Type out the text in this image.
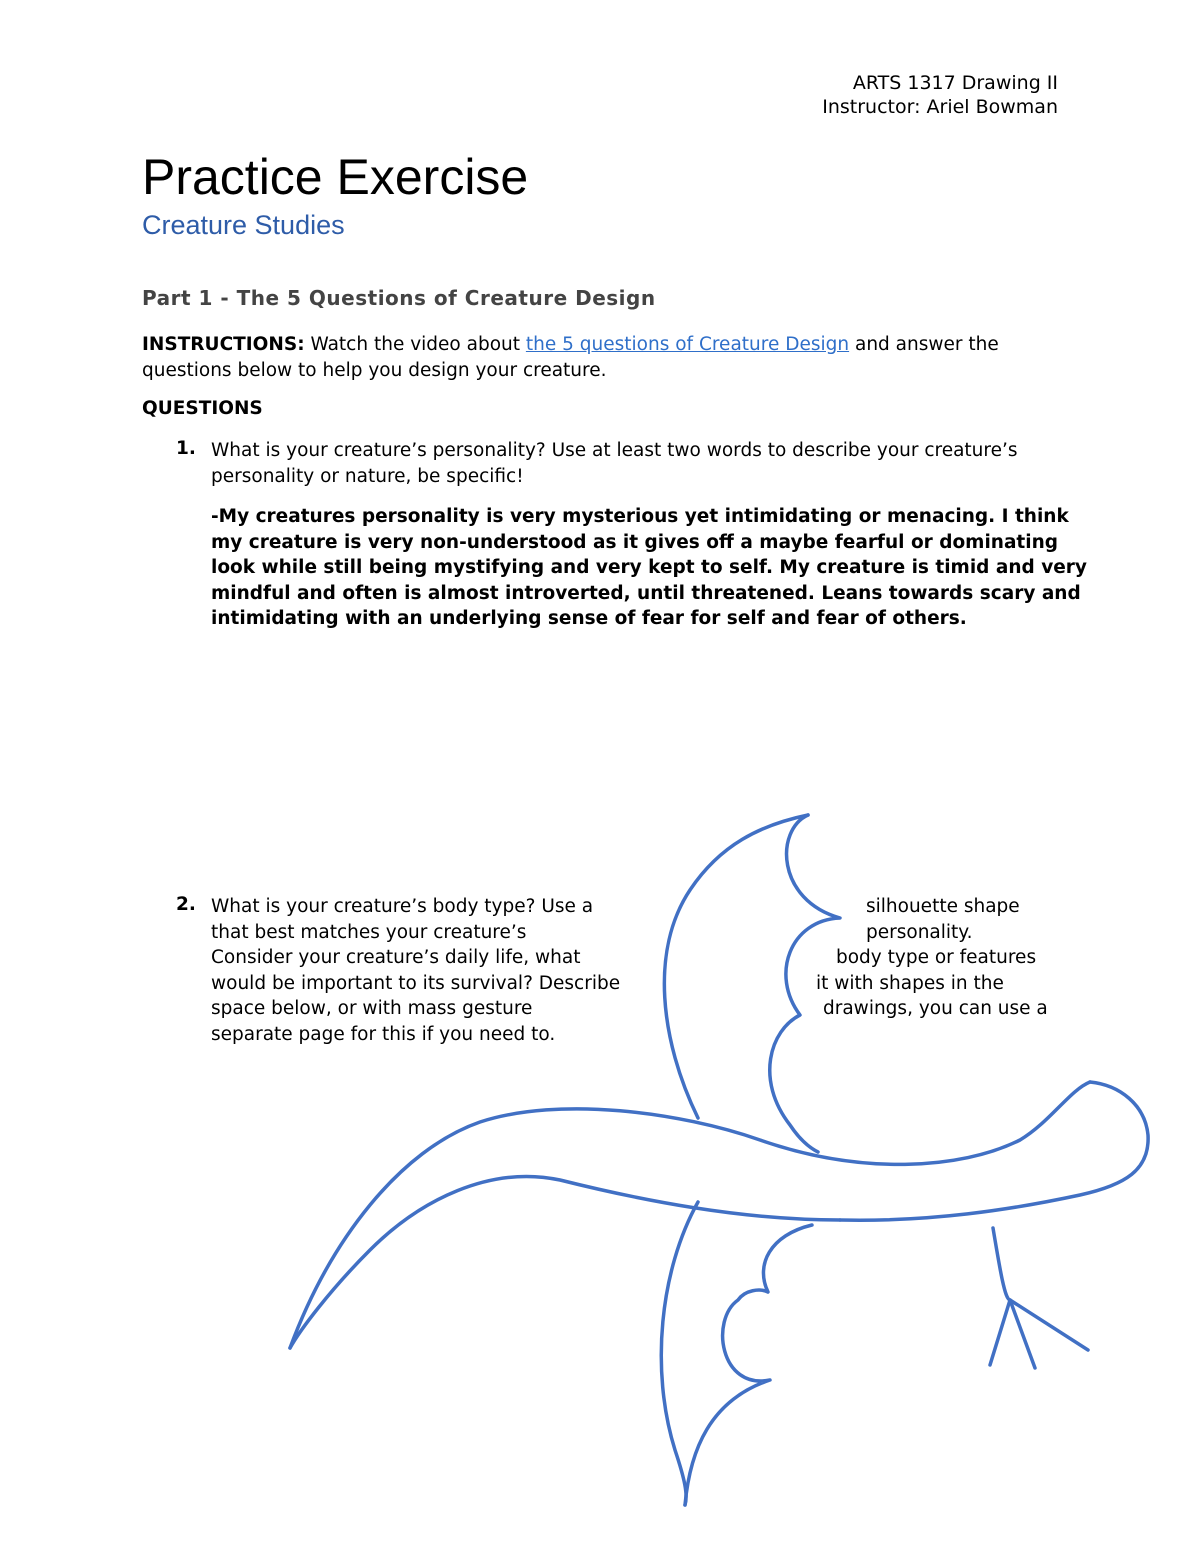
ARTS 1317 Drawing II
Instructor: Ariel Bowman
Practice Exercise
Creature Studies
Part 1 - The 5 Questions of Creature Design
INSTRUCTIONS: Watch the video about the 5 questions of Creature Design and answer the
questions below to help you design your creature.
QUESTIONS
1. What is your creature’s personality? Use at least two words to describe your creature’s
personality or nature, be specific!
-My creatures personality is very mysterious yet intimidating or menacing. I think
my creature is very non-understood as it gives off a maybe fearful or dominating
look while still being mystifying and very kept to self. My creature is timid and very
mindful and often is almost introverted, until threatened. Leans towards scary and
intimidating with an underlying sense of fear for self and fear of others.
2. What is your creature’s body type? Use a
that best matches your creature’s
Consider your creature’s daily life, what
would be important to its survival? Describe
space below, or with mass gesture
separate page for this if you need to.
silhouette shape
personality.
body type or features
it with shapes in the
drawings, you can use a
